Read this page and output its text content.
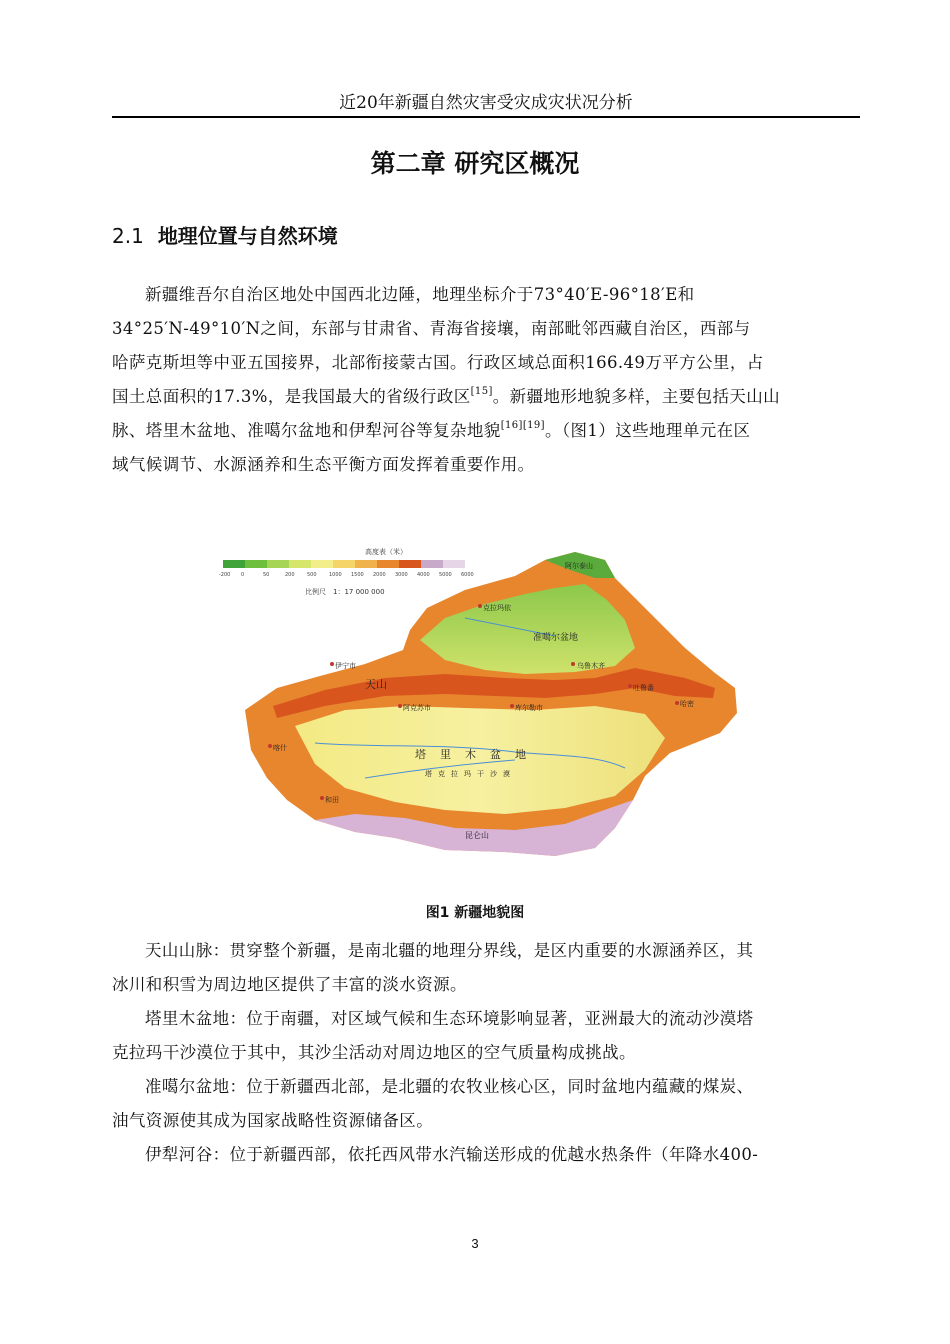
近20年新疆自然灾害受灾成灾状况分析
第二章 研究区概况
2.1 地理位置与自然环境
新疆维吾尔自治区地处中国西北边陲，地理坐标介于73°40′E-96°18′E和
34°25′N-49°10′N之间，东部与甘肃省、青海省接壤，南部毗邻西藏自治区，西部与
哈萨克斯坦等中亚五国接界，北部衔接蒙古国。行政区域总面积166.49万平方公里，占
国土总面积的17.3%，是我国最大的省级行政区[15]。新疆地形地貌多样，主要包括天山山
脉、塔里木盆地、准噶尔盆地和伊犁河谷等复杂地貌[16][19]。（图1）这些地理单元在区
域气候调节、水源涵养和生态平衡方面发挥着重要作用。
高度表（米）
-200 0	50	200 500 1000 1500 2000 3000 4000 5000 6000
比例尺　1：17 000 000
准噶尔盆地
塔里木盆地
塔克拉玛干沙漠
天山
乌鲁木齐
克拉玛依
喀什
和田
哈密
阿克苏市	库尔勒市
吐鲁番
伊宁市
阿尔泰山
昆仑山
图1 新疆地貌图
天山山脉：贯穿整个新疆，是南北疆的地理分界线，是区内重要的水源涵养区，其
冰川和积雪为周边地区提供了丰富的淡水资源。
塔里木盆地：位于南疆，对区域气候和生态环境影响显著，亚洲最大的流动沙漠塔
克拉玛干沙漠位于其中，其沙尘活动对周边地区的空气质量构成挑战。
准噶尔盆地：位于新疆西北部，是北疆的农牧业核心区，同时盆地内蕴藏的煤炭、
油气资源使其成为国家战略性资源储备区。
伊犁河谷：位于新疆西部，依托西风带水汽输送形成的优越水热条件（年降水400-
3
